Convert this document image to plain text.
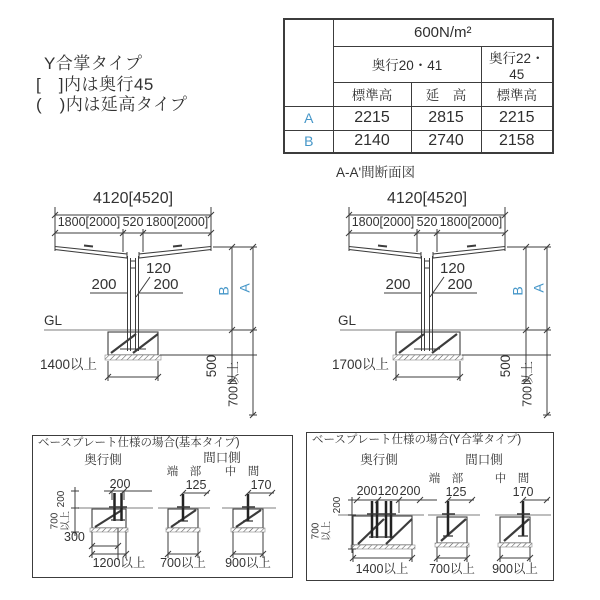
Y合掌タイプ
[　]内は奥行45
(　)内は延高タイプ
	600N/m²		
	奥行20・41		奥行22・45
	標準高	延　高	標準高
A	2215	2815	2215
B	2140	2740	2158
4120[4520]
1800[2000] 520 1800[2000]
120
200 200
GL
B A
500 700以上
1400以上
A-A'間断面図
4120[4520]
1800[2000] 520 1800[2000]
120
200 200
GL
B A
500 700以上
1700以上
ベースプレート仕様の場合(基本タイプ)
奥行側	間口側
端　部 中　間
200
200
700 以上
300
1200以上
125
700以上
170
900以上
ベースプレート仕様の場合(Y合掌タイプ)
奥行側	間口側
端　部	中　間
200
200 120 200
700 以上
1400以上
125
700以上
170
900以上
